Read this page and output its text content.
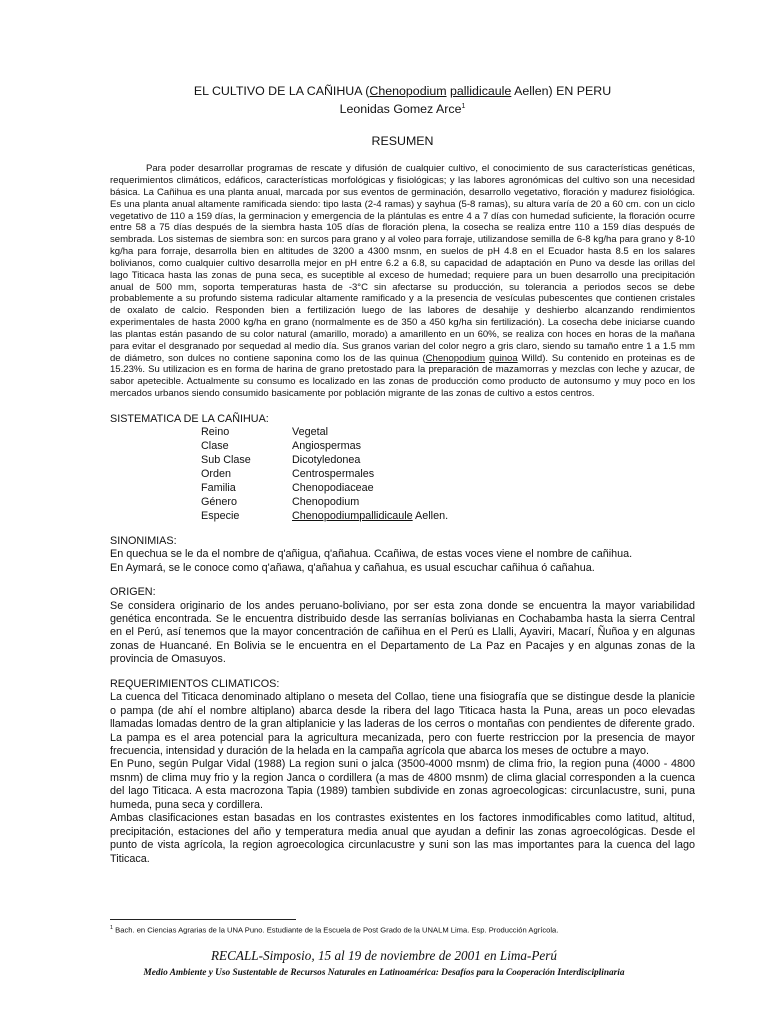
EL CULTIVO DE LA CAÑIHUA (Chenopodium pallidicaule Aellen) EN PERU
Leonidas Gomez Arce$^1$
RESUMEN

Para poder desarrollar programas de rescate y difusión de cualquier cultivo, el conocimiento de sus características genéticas, requerimientos climáticos, edáficos, características morfológicas y fisiológicas; y las labores agronómicas del cultivo son una necesidad básica. La Cañihua es una planta anual, marcada por sus eventos de germinación, desarrollo vegetativo, floración y madurez fisiológica. Es una planta anual altamente ramificada siendo: tipo lasta (2-4 ramas) y sayhua (5-8 ramas), su altura varía de 20 a 60 cm. con un ciclo vegetativo de 110 a 159 días, la germinacion y emergencia de la plántulas es entre 4 a 7 días con humedad suficiente, la floración ocurre entre 58 a 75 días después de la siembra hasta 105 días de floración plena, la cosecha se realiza entre 110 a 159 días después de sembrada. Los sistemas de siembra son: en surcos para grano y al voleo para forraje, utilizandose semilla de 6-8 kg/ha para grano y 8-10 kg/ha para forraje, desarrolla bien en altitudes de 3200 a 4300 msnm, en suelos de pH 4.8 en el Ecuador hasta 8.5 en los salares bolivianos, como cualquier cultivo desarrolla mejor en pH entre 6.2 a 6.8, su capacidad de adaptación en Puno va desde las orillas del lago Titicaca hasta las zonas de puna seca, es suceptible al exceso de humedad; requiere para un buen desarrollo una precipitación anual de 500 mm, soporta temperaturas hasta de -3°C sin afectarse su producción, su tolerancia a periodos secos se debe probablemente a su profundo sistema radicular altamente ramificado y a la presencia de vesículas pubescentes que contienen cristales de oxalato de calcio. Responden bien a fertilización luego de las labores de desahije y deshierbo alcanzando rendimientos experimentales de hasta 2000 kg/ha en grano (normalmente es de 350 a 450 kg/ha sin fertilización). La cosecha debe iniciarse cuando las plantas están pasando de su color natural (amarillo, morado) a amarillento en un 60%, se realiza con hoces en horas de la mañana para evitar el desgranado por sequedad al medio día. Sus granos varian del color negro a gris claro, siendo su tamaño entre 1 a 1.5 mm de diámetro, son dulces no contiene saponina como los de las quinua (Chenopodium quinoa Willd). Su contenido en proteinas es de 15.23%. Su utilizacion es en forma de harina de grano pretostado para la preparación de mazamorras y mezclas con leche y azucar, de sabor apetecible. Actualmente su consumo es localizado en las zonas de producción como producto de autonsumo y muy poco en los mercados urbanos siendo consumido basicamente por población migrante de las zonas de cultivo a estos centros.

SISTEMATICA DE LA CAÑIHUA:
Reino	Vegetal
Clase	Angiospermas
Sub Clase	Dicotyledonea
Orden	Centrospermales
Familia	Chenopodiaceae
Género	Chenopodium
Especie	Chenopodiumpallidicaule Aellen.
SINONIMIAS:

En quechua se le da el nombre de q'añigua, q'añahua. Ccañiwa, de estas voces viene el nombre de cañihua.

En Aymará, se le conoce como q'añawa, q'añahua y cañahua, es usual escuchar cañihua ó cañahua.

ORIGEN:

Se considera originario de los andes peruano-boliviano, por ser esta zona donde se encuentra la mayor variabilidad genética encontrada. Se le encuentra distribuido desde las serranías bolivianas en Cochabamba hasta la sierra Central en el Perú, así tenemos que la mayor concentración de cañihua en el Perú es Llalli, Ayaviri, Macarí, Ñuñoa y en algunas zonas de Huancané. En Bolivia se le encuentra en el Departamento de La Paz en Pacajes y en algunas zonas de la provincia de Omasuyos.

REQUERIMIENTOS CLIMATICOS:

La cuenca del Titicaca denominado altiplano o meseta del Collao, tiene una fisiografía que se distingue desde la planicie o pampa (de ahí el nombre altiplano) abarca desde la ribera del lago Titicaca hasta la Puna, areas un poco elevadas llamadas lomadas dentro de la gran altiplanicie y las laderas de los cerros o montañas con pendientes de diferente grado. La pampa es el area potencial para la agricultura mecanizada, pero con fuerte restriccion por la presencia de mayor frecuencia, intensidad y duración de la helada en la campaña agrícola que abarca los meses de octubre a mayo.

En Puno, según Pulgar Vidal (1988) La region suni o jalca (3500-4000 msnm) de clima frio, la region puna (4000 - 4800 msnm) de clima muy frio y la region Janca o cordillera (a mas de 4800 msnm) de clima glacial corresponden a la cuenca del lago Titicaca. A esta macrozona Tapia (1989) tambien subdivide en zonas agroecologicas: circunlacustre, suni, puna humeda, puna seca y cordillera.

Ambas clasificaciones estan basadas en los contrastes existentes en los factores inmodificables como latitud, altitud, precipitación, estaciones del año y temperatura media anual que ayudan a definir las zonas agroecológicas. Desde el punto de vista agrícola, la region agroecologica circunlacustre y suni son las mas importantes para la cuenca del lago Titicaca.

$^1$ Bach. en Ciencias Agrarias de la UNA Puno. Estudiante de la Escuela de Post Grado de la UNALM Lima. Esp. Producción Agrícola.
RECALL-Simposio, 15 al 19 de noviembre de 2001 en Lima-Perú
Medio Ambiente y Uso Sustentable de Recursos Naturales en Latinoamérica: Desafíos para la Cooperación Interdisciplinaria
